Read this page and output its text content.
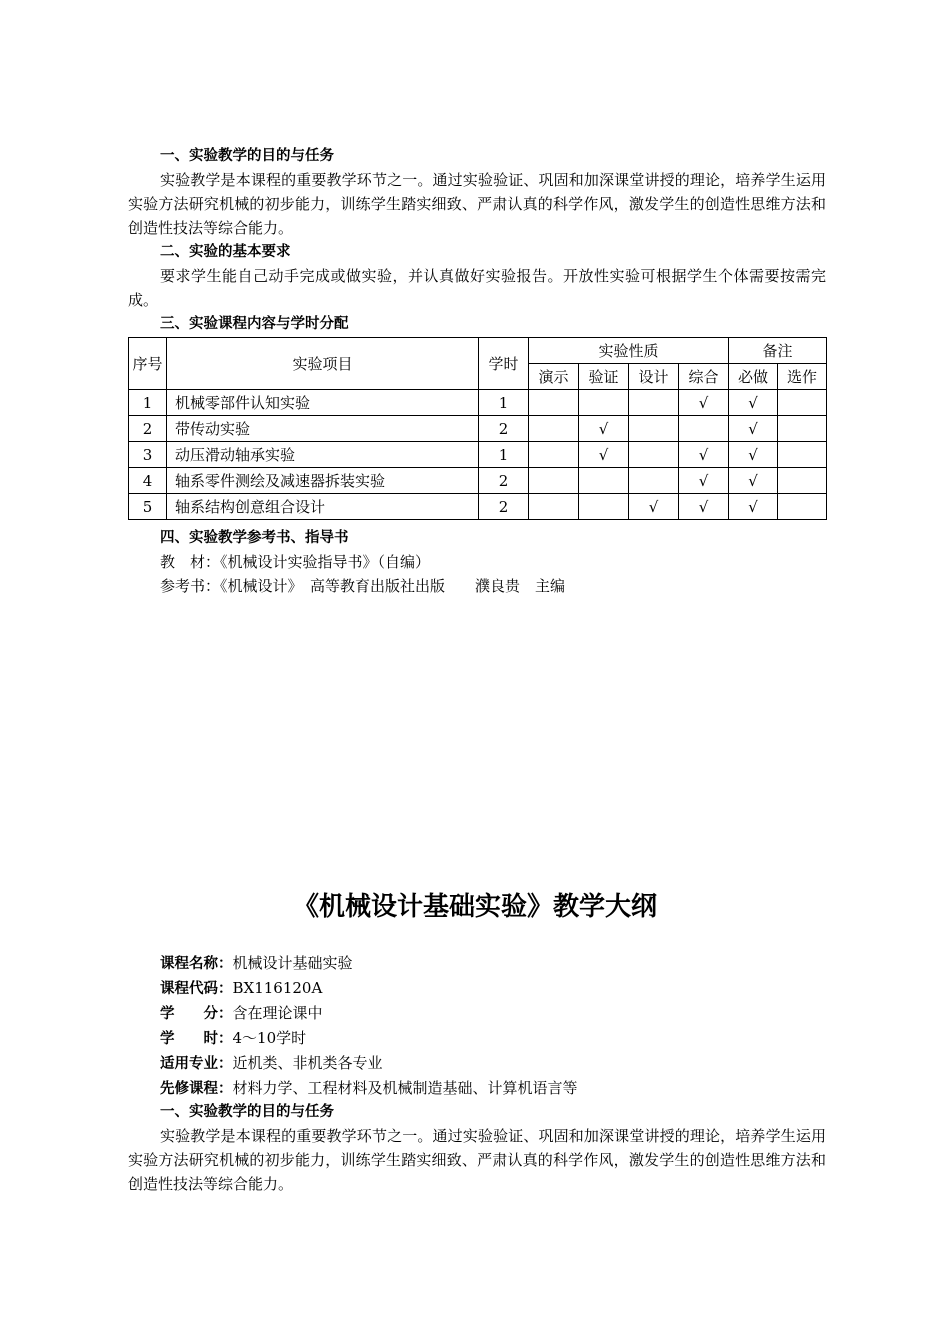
一、实验教学的目的与任务
实验教学是本课程的重要教学环节之一。通过实验验证、巩固和加深课堂讲授的理论，培养学生运用实验方法研究机械的初步能力，训练学生踏实细致、严肃认真的科学作风，激发学生的创造性思维方法和创造性技法等综合能力。
二、实验的基本要求
要求学生能自己动手完成或做实验，并认真做好实验报告。开放性实验可根据学生个体需要按需完成。
三、实验课程内容与学时分配
序号	实验项目	学时	实验性质				备注	
			演示	验证	设计	综合	必做	选作
1	机械零部件认知实验	1				√	√	
2	带传动实验	2		√			√	
3	动压滑动轴承实验	1		√		√	√	
4	轴系零件测绘及减速器拆装实验	2				√	√	
5	轴系结构创意组合设计	2			√	√	√	
四、实验教学参考书、指导书
教　材：《机械设计实验指导书》（自编）
参考书：《机械设计》　高等教育出版社出版　　濮良贵　主编
《机械设计基础实验》教学大纲
课程名称：机械设计基础实验
课程代码：BX116120A
学　　分：含在理论课中
学　　时：4～10学时
适用专业：近机类、非机类各专业
先修课程：材料力学、工程材料及机械制造基础、计算机语言等
一、实验教学的目的与任务
实验教学是本课程的重要教学环节之一。通过实验验证、巩固和加深课堂讲授的理论，培养学生运用实验方法研究机械的初步能力，训练学生踏实细致、严肃认真的科学作风，激发学生的创造性思维方法和创造性技法等综合能力。
